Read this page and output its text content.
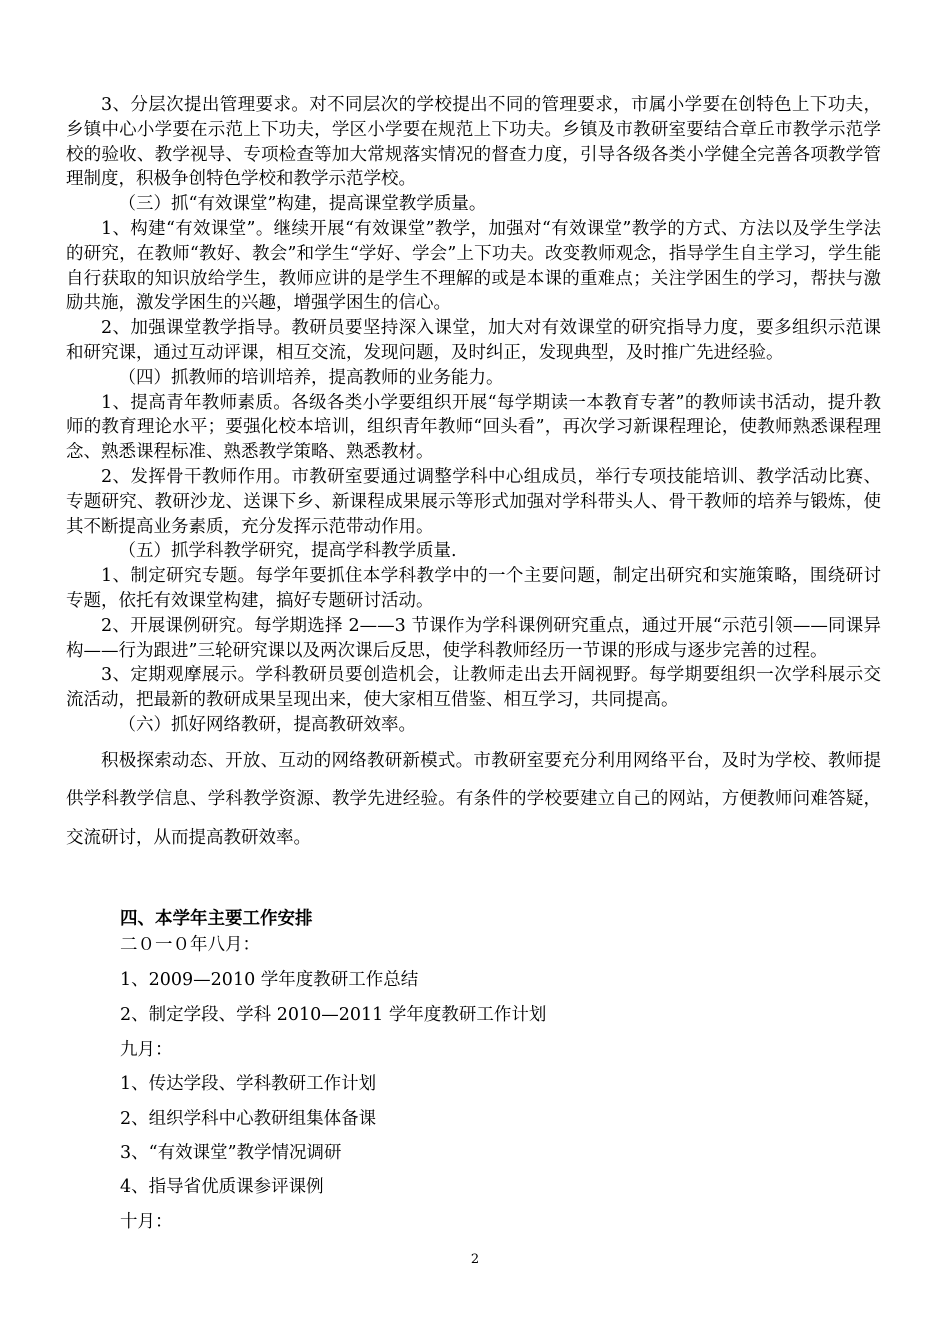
3、分层次提出管理要求。对不同层次的学校提出不同的管理要求，市属小学要在创特色上下功夫，乡镇中心小学要在示范上下功夫，学区小学要在规范上下功夫。乡镇及市教研室要结合章丘市教学示范学校的验收、教学视导、专项检查等加大常规落实情况的督查力度，引导各级各类小学健全完善各项教学管理制度，积极争创特色学校和教学示范学校。

（三）抓“有效课堂”构建，提高课堂教学质量。

1、构建“有效课堂”。继续开展“有效课堂”教学，加强对“有效课堂”教学的方式、方法以及学生学法的研究，在教师“教好、教会”和学生“学好、学会”上下功夫。改变教师观念，指导学生自主学习，学生能自行获取的知识放给学生，教师应讲的是学生不理解的或是本课的重难点；关注学困生的学习，帮扶与激励共施，激发学困生的兴趣，增强学困生的信心。

2、加强课堂教学指导。教研员要坚持深入课堂，加大对有效课堂的研究指导力度，要多组织示范课和研究课，通过互动评课，相互交流，发现问题，及时纠正，发现典型，及时推广先进经验。

（四）抓教师的培训培养，提高教师的业务能力。

1、提高青年教师素质。各级各类小学要组织开展“每学期读一本教育专著”的教师读书活动，提升教师的教育理论水平；要强化校本培训，组织青年教师“回头看”，再次学习新课程理论，使教师熟悉课程理念、熟悉课程标准、熟悉教学策略、熟悉教材。

2、发挥骨干教师作用。市教研室要通过调整学科中心组成员，举行专项技能培训、教学活动比赛、专题研究、教研沙龙、送课下乡、新课程成果展示等形式加强对学科带头人、骨干教师的培养与锻炼，使其不断提高业务素质，充分发挥示范带动作用。

（五）抓学科教学研究，提高学科教学质量.

1、制定研究专题。每学年要抓住本学科教学中的一个主要问题，制定出研究和实施策略，围绕研讨专题，依托有效课堂构建，搞好专题研讨活动。

2、开展课例研究。每学期选择 2——3 节课作为学科课例研究重点，通过开展“示范引领——同课异构——行为跟进”三轮研究课以及两次课后反思，使学科教师经历一节课的形成与逐步完善的过程。

3、定期观摩展示。学科教研员要创造机会，让教师走出去开阔视野。每学期要组织一次学科展示交流活动，把最新的教研成果呈现出来，使大家相互借鉴、相互学习，共同提高。

（六）抓好网络教研，提高教研效率。

积极探索动态、开放、互动的网络教研新模式。市教研室要充分利用网络平台，及时为学校、教师提供学科教学信息、学科教学资源、教学先进经验。有条件的学校要建立自己的网站，方便教师问难答疑，交流研讨，从而提高教研效率。

四、本学年主要工作安排

二０一０年八月：

1、2009—2010 学年度教研工作总结

2、制定学段、学科 2010—2011 学年度教研工作计划

九月：

1、传达学段、学科教研工作计划

2、组织学科中心教研组集体备课

3、“有效课堂”教学情况调研

4、指导省优质课参评课例

十月：

2
